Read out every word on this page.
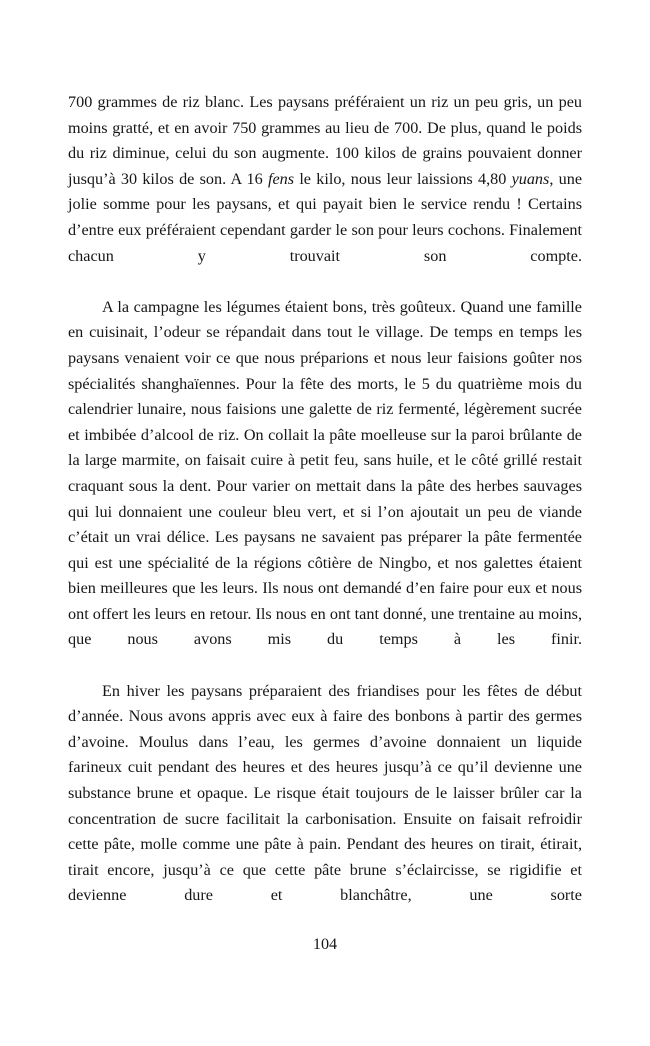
700 grammes de riz blanc. Les paysans préféraient un riz un peu gris, un peu moins gratté, et en avoir 750 grammes au lieu de 700. De plus, quand le poids du riz diminue, celui du son augmente. 100 kilos de grains pouvaient donner jusqu’à 30 kilos de son. A 16 fens le kilo, nous leur laissions 4,80 yuans, une jolie somme pour les paysans, et qui payait bien le service rendu ! Certains d’entre eux préféraient cependant garder le son pour leurs cochons. Finalement chacun y trouvait son compte.

A la campagne les légumes étaient bons, très goûteux. Quand une famille en cuisinait, l’odeur se répandait dans tout le village. De temps en temps les paysans venaient voir ce que nous préparions et nous leur faisions goûter nos spécialités shanghaïennes. Pour la fête des morts, le 5 du quatrième mois du calendrier lunaire, nous faisions une galette de riz fermenté, légèrement sucrée et imbibée d’alcool de riz. On collait la pâte moelleuse sur la paroi brûlante de la large marmite, on faisait cuire à petit feu, sans huile, et le côté grillé restait craquant sous la dent. Pour varier on mettait dans la pâte des herbes sauvages qui lui donnaient une couleur bleu vert, et si l’on ajoutait un peu de viande c’était un vrai délice. Les paysans ne savaient pas préparer la pâte fermentée qui est une spécialité de la régions côtière de Ningbo, et nos galettes étaient bien meilleures que les leurs. Ils nous ont demandé d’en faire pour eux et nous ont offert les leurs en retour. Ils nous en ont tant donné, une trentaine au moins, que nous avons mis du temps à les finir.

En hiver les paysans préparaient des friandises pour les fêtes de début d’année. Nous avons appris avec eux à faire des bonbons à partir des germes d’avoine. Moulus dans l’eau, les germes d’avoine donnaient un liquide farineux cuit pendant des heures et des heures jusqu’à ce qu’il devienne une substance brune et opaque. Le risque était toujours de le laisser brûler car la concentration de sucre facilitait la carbonisation. Ensuite on faisait refroidir cette pâte, molle comme une pâte à pain. Pendant des heures on tirait, étirait, tirait encore, jusqu’à ce que cette pâte brune s’éclaircisse, se rigidifie et devienne dure et blanchâtre, une sorte

104
